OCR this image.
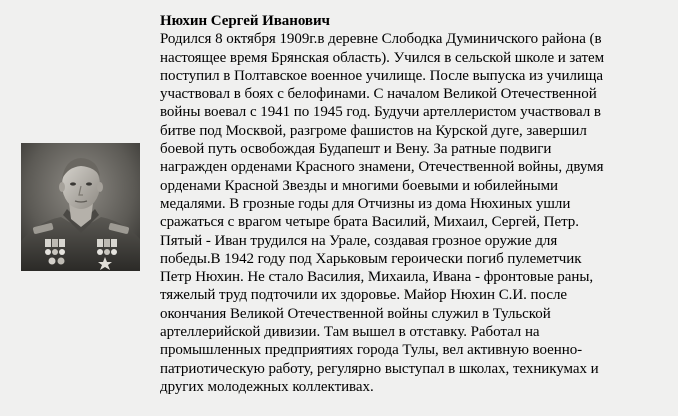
Нюхин Сергей Иванович
Родился 8 октября 1909г.в деревне Слободка Думиничского района (в
настоящее время Брянская область). Учился в сельской школе и затем
поступил в Полтавское военное училище. После выпуска из училища
участвовал в боях с белофинами. С началом Великой Отечественной
войны воевал с 1941 по 1945 год. Будучи артеллеристом участвовал в
битве под Москвой, разгроме фашистов на Курской дуге, завершил
боевой путь освобождая Будапешт и Вену. За ратные подвиги
награжден орденами Красного знамени, Отечественной войны, двумя
орденами Красной Звезды и многими боевыми и юбилейными
медалями. В грозные годы для Отчизны из дома Нюхиных ушли
сражаться с врагом четыре брата Василий, Михаил, Сергей, Петр.
Пятый - Иван трудился на Урале, создавая грозное оружие для
победы.В 1942 году под Харьковым героически погиб пулеметчик
Петр Нюхин. Не стало Василия, Михаила, Ивана - фронтовые раны,
тяжелый труд подточили их здоровье. Майор Нюхин С.И. после
окончания Великой Отечественной войны служил в Тульской
артеллерийской дивизии. Там вышел в отставку. Работал на
промышленных предприятиях города Тулы, вел активную военно-
патриотическую работу, регулярно выступал в школах, техникумах и
других молодежных коллективах.
